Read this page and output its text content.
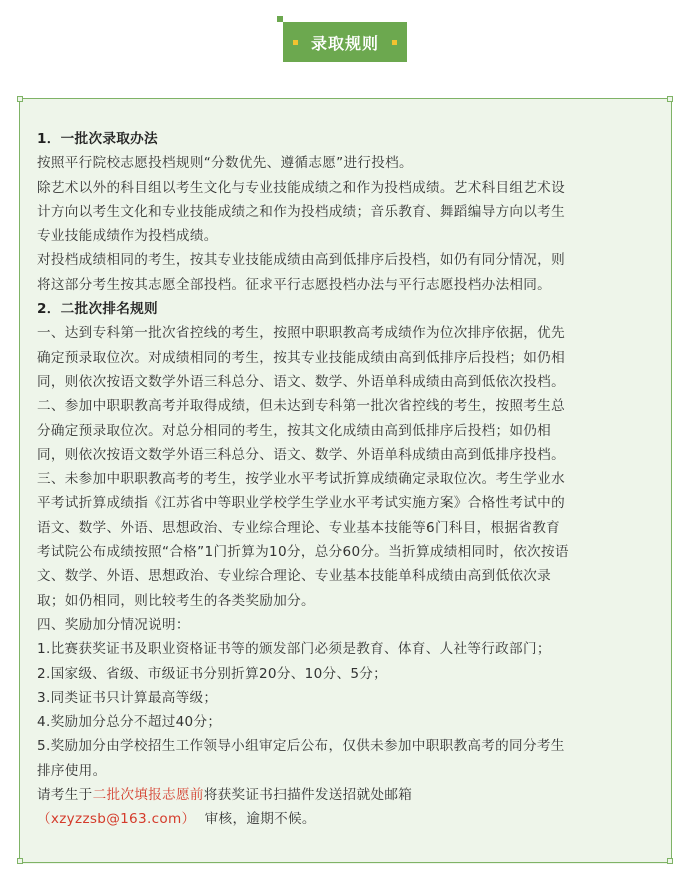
录取规则

1．一批次录取办法

按照平行院校志愿投档规则“分数优先、遵循志愿”进行投档。

除艺术以外的科目组以考生文化与专业技能成绩之和作为投档成绩。艺术科目组艺术设

计方向以考生文化和专业技能成绩之和作为投档成绩；音乐教育、舞蹈编导方向以考生

专业技能成绩作为投档成绩。

对投档成绩相同的考生，按其专业技能成绩由高到低排序后投档，如仍有同分情况，则

将这部分考生按其志愿全部投档。征求平行志愿投档办法与平行志愿投档办法相同。

2．二批次排名规则

一、达到专科第一批次省控线的考生，按照中职职教高考成绩作为位次排序依据，优先

确定预录取位次。对成绩相同的考生，按其专业技能成绩由高到低排序后投档；如仍相

同，则依次按语文数学外语三科总分、语文、数学、外语单科成绩由高到低依次投档。

二、参加中职职教高考并取得成绩，但未达到专科第一批次省控线的考生，按照考生总

分确定预录取位次。对总分相同的考生，按其文化成绩由高到低排序后投档；如仍相

同，则依次按语文数学外语三科总分、语文、数学、外语单科成绩由高到低排序投档。

三、未参加中职职教高考的考生，按学业水平考试折算成绩确定录取位次。考生学业水

平考试折算成绩指《江苏省中等职业学校学生学业水平考试实施方案》合格性考试中的

语文、数学、外语、思想政治、专业综合理论、专业基本技能等6门科目，根据省教育

考试院公布成绩按照“合格”1门折算为10分，总分60分。当折算成绩相同时，依次按语

文、数学、外语、思想政治、专业综合理论、专业基本技能单科成绩由高到低依次录

取；如仍相同，则比较考生的各类奖励加分。

四、奖励加分情况说明：

1.比赛获奖证书及职业资格证书等的颁发部门必须是教育、体育、人社等行政部门；

2.国家级、省级、市级证书分别折算20分、10分、5分；

3.同类证书只计算最高等级；

4.奖励加分总分不超过40分；

5.奖励加分由学校招生工作领导小组审定后公布，仅供未参加中职职教高考的同分考生

排序使用。

请考生于二批次填报志愿前将获奖证书扫描件发送招就处邮箱

（xzyzzsb@163.com）  审核，逾期不候。
